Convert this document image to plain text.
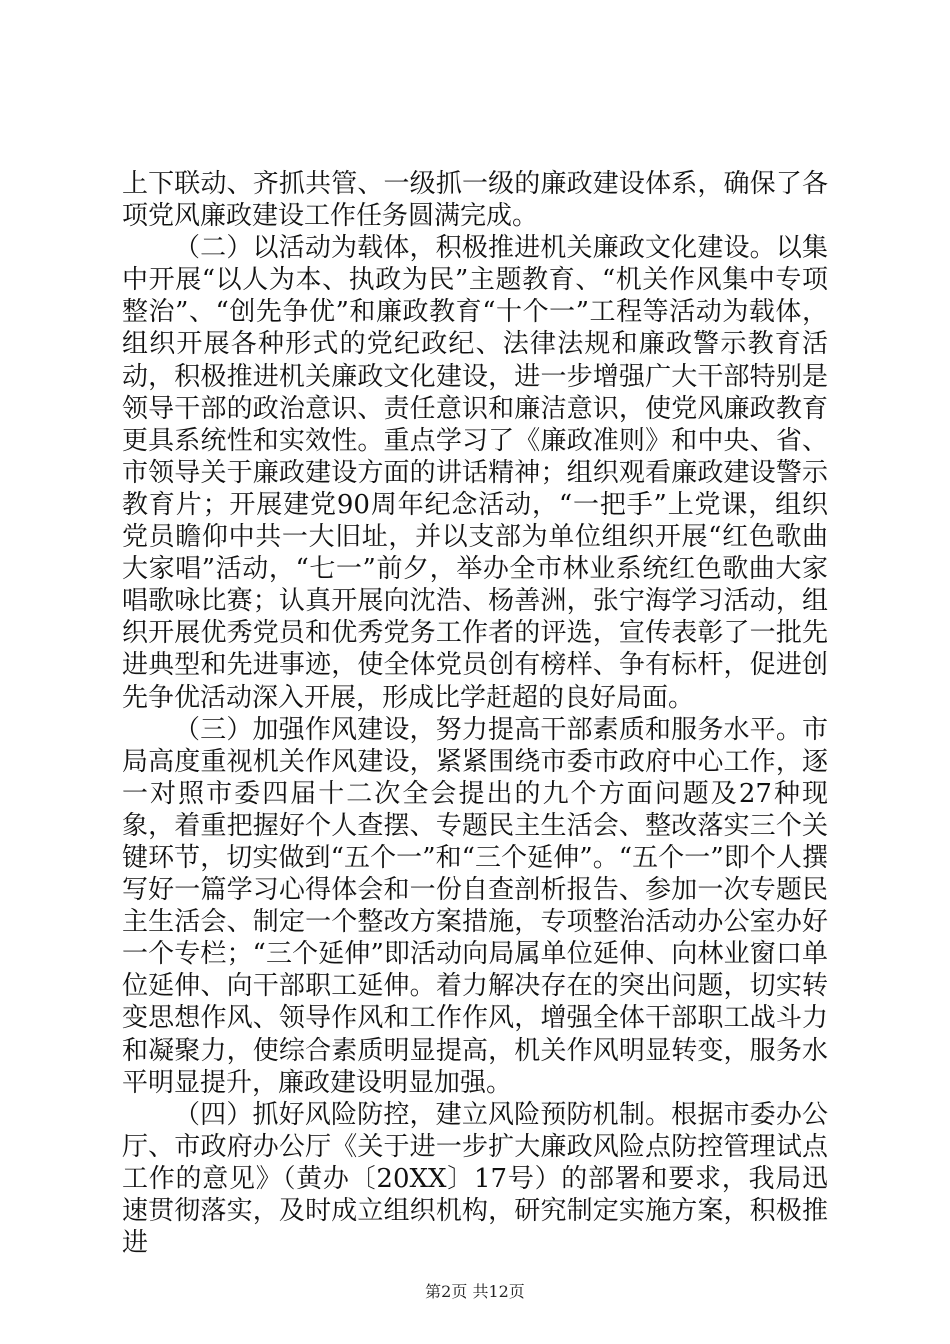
上下联动、齐抓共管、一级抓一级的廉政建设体系，确保了各项党风廉政建设工作任务圆满完成。

（二）以活动为载体，积极推进机关廉政文化建设。以集中开展“以人为本、执政为民”主题教育、“机关作风集中专项整治”、“创先争优”和廉政教育“十个一”工程等活动为载体，组织开展各种形式的党纪政纪、法律法规和廉政警示教育活动，积极推进机关廉政文化建设，进一步增强广大干部特别是领导干部的政治意识、责任意识和廉洁意识，使党风廉政教育更具系统性和实效性。重点学习了《廉政准则》和中央、省、市领导关于廉政建设方面的讲话精神；组织观看廉政建设警示教育片；开展建党90周年纪念活动，“一把手”上党课，组织党员瞻仰中共一大旧址，并以支部为单位组织开展“红色歌曲大家唱”活动，“七一”前夕，举办全市林业系统红色歌曲大家唱歌咏比赛；认真开展向沈浩、杨善洲，张宁海学习活动，组织开展优秀党员和优秀党务工作者的评选，宣传表彰了一批先进典型和先进事迹，使全体党员创有榜样、争有标杆，促进创先争优活动深入开展，形成比学赶超的良好局面。

（三）加强作风建设，努力提高干部素质和服务水平。市局高度重视机关作风建设，紧紧围绕市委市政府中心工作，逐一对照市委四届十二次全会提出的九个方面问题及27种现象，着重把握好个人查摆、专题民主生活会、整改落实三个关键环节，切实做到“五个一”和“三个延伸”。“五个一”即个人撰写好一篇学习心得体会和一份自查剖析报告、参加一次专题民主生活会、制定一个整改方案措施，专项整治活动办公室办好一个专栏；“三个延伸”即活动向局属单位延伸、向林业窗口单位延伸、向干部职工延伸。着力解决存在的突出问题，切实转变思想作风、领导作风和工作作风，增强全体干部职工战斗力和凝聚力，使综合素质明显提高，机关作风明显转变，服务水平明显提升，廉政建设明显加强。

（四）抓好风险防控，建立风险预防机制。根据市委办公厅、市政府办公厅《关于进一步扩大廉政风险点防控管理试点工作的意见》（黄办〔20XX〕17号）的部署和要求，我局迅速贯彻落实，及时成立组织机构，研究制定实施方案，积极推进

第2页 共12页
